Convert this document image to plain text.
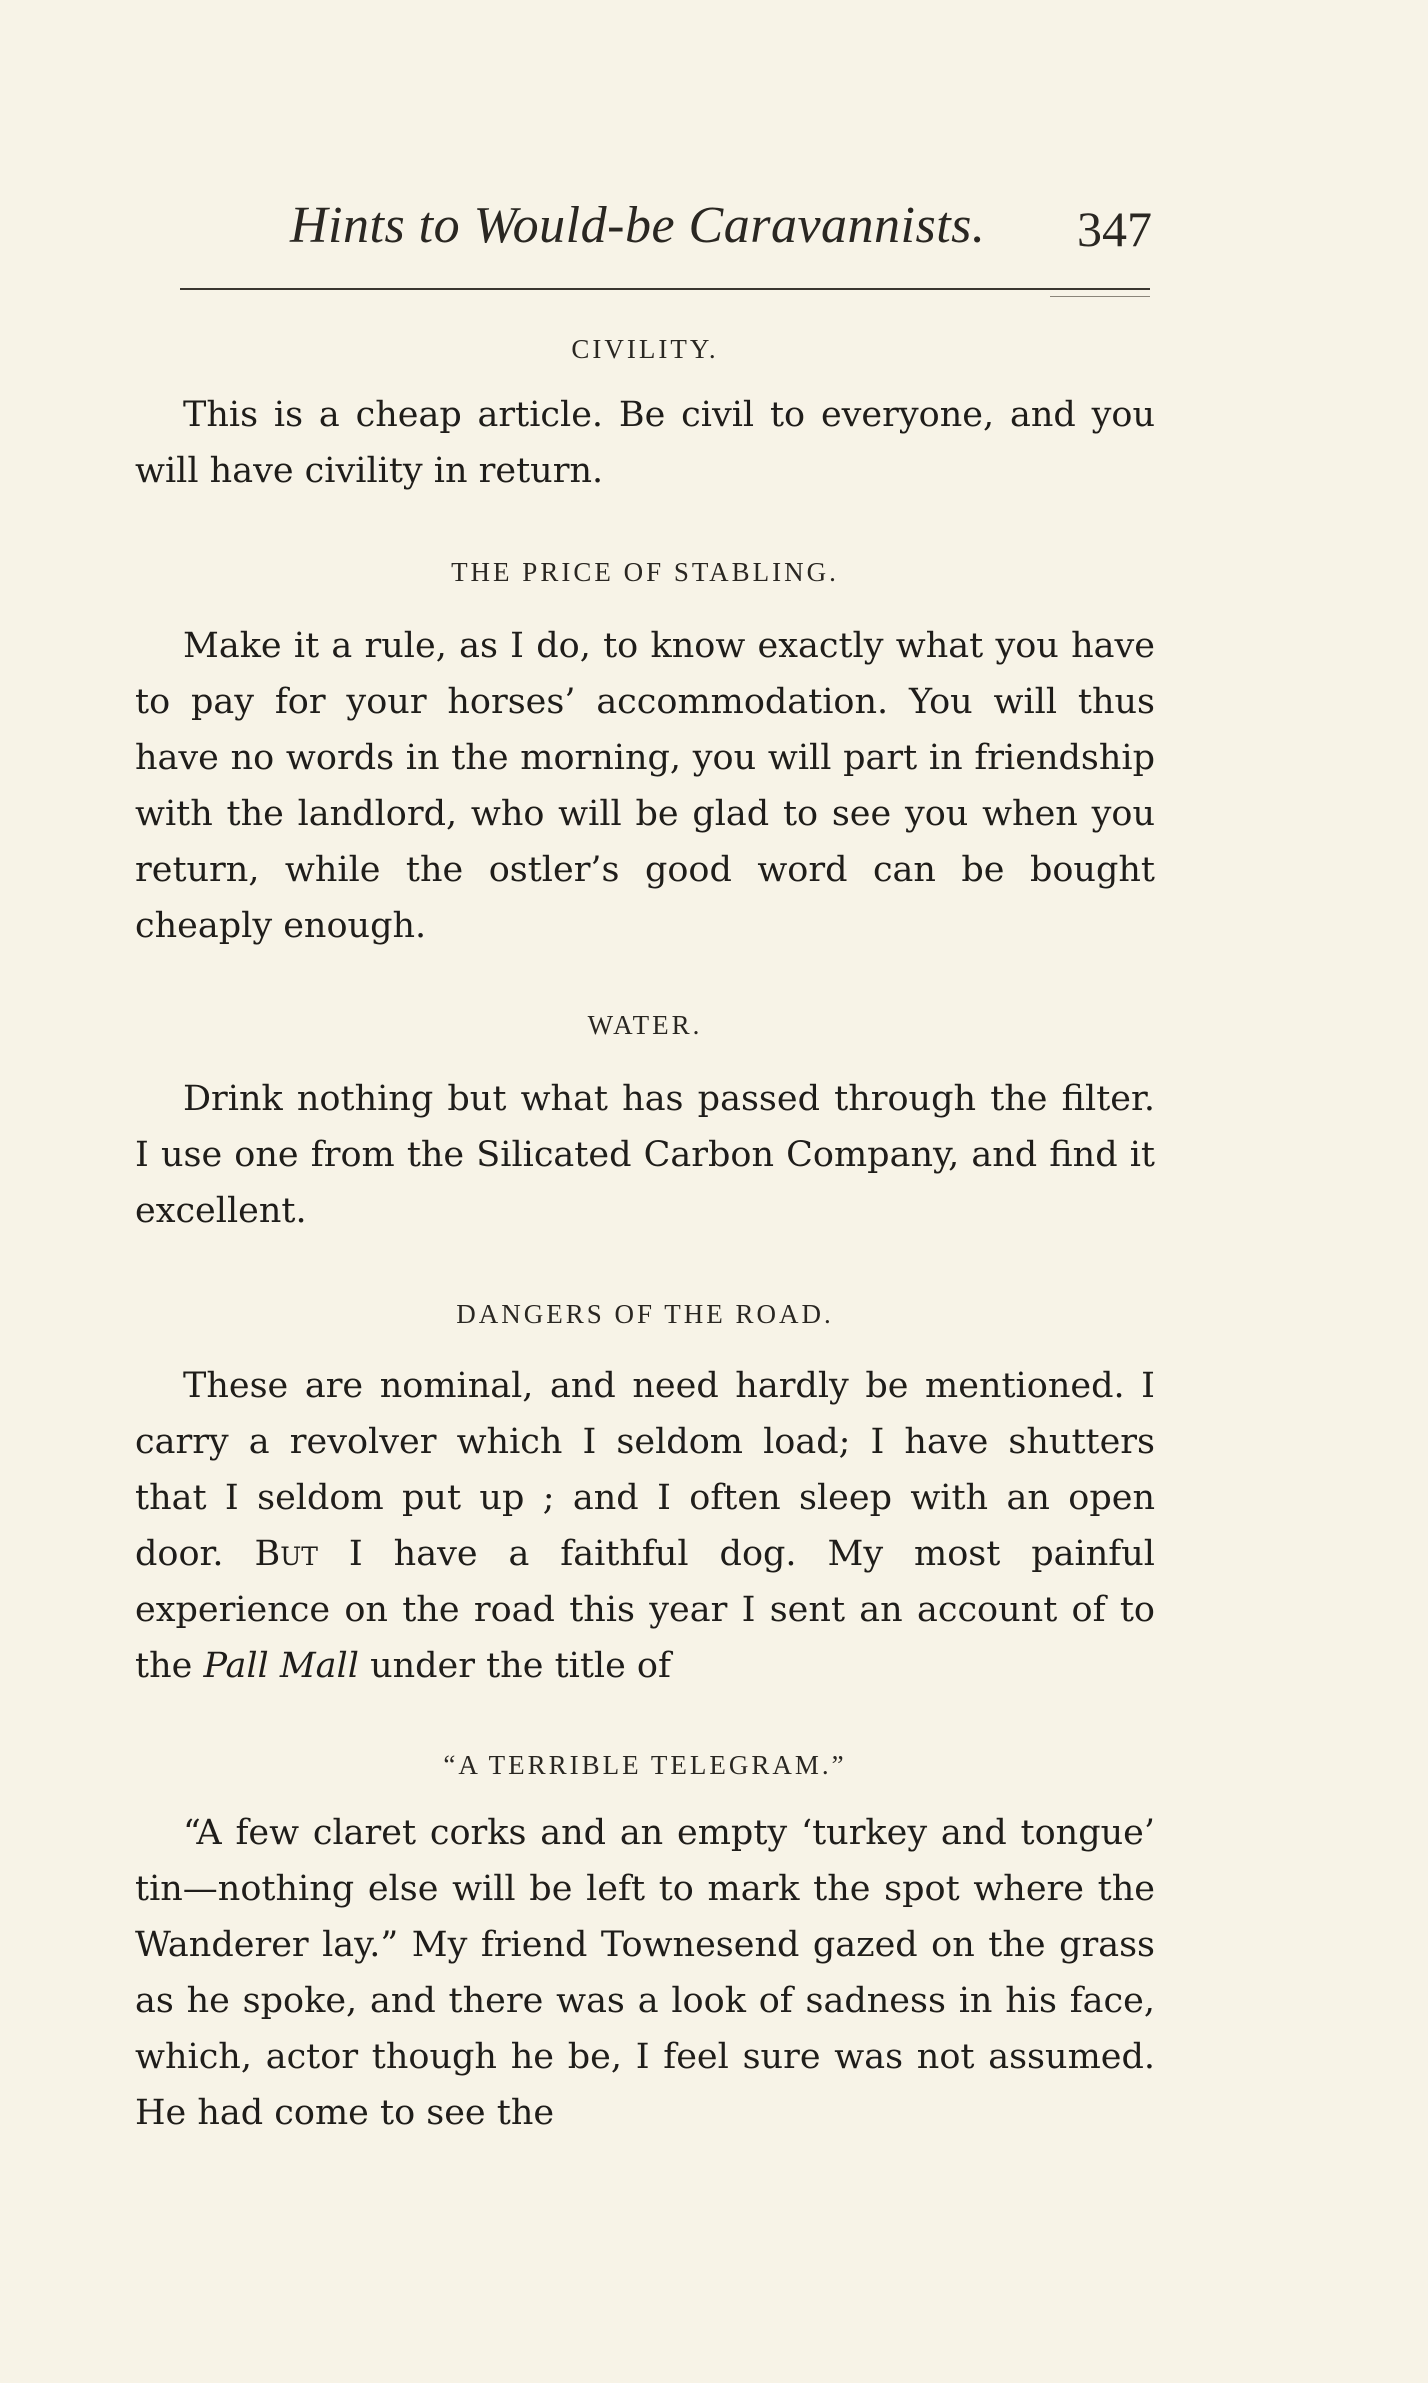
Hints to Would-be Caravannists. 347

CIVILITY.

This is a cheap article. Be civil to everyone, and you will have civility in return.

THE PRICE OF STABLING.

Make it a rule, as I do, to know exactly what you have to pay for your horses’ accommodation. You will thus have no words in the morning, you will part in friendship with the landlord, who will be glad to see you when you return, while the ostler’s good word can be bought cheaply enough.

WATER.

Drink nothing but what has passed through the filter. I use one from the Silicated Carbon Company, and find it excellent.

DANGERS OF THE ROAD.

These are nominal, and need hardly be mentioned. I carry a revolver which I seldom load; I have shutters that I seldom put up ; and I often sleep with an open door. But I have a faithful dog. My most painful experience on the road this year I sent an account of to the Pall Mall under the title of

“A TERRIBLE TELEGRAM.”

“A few claret corks and an empty ‘turkey and tongue’ tin—nothing else will be left to mark the spot where the Wanderer lay.” My friend Townesend gazed on the grass as he spoke, and there was a look of sadness in his face, which, actor though he be, I feel sure was not assumed. He had come to see the
